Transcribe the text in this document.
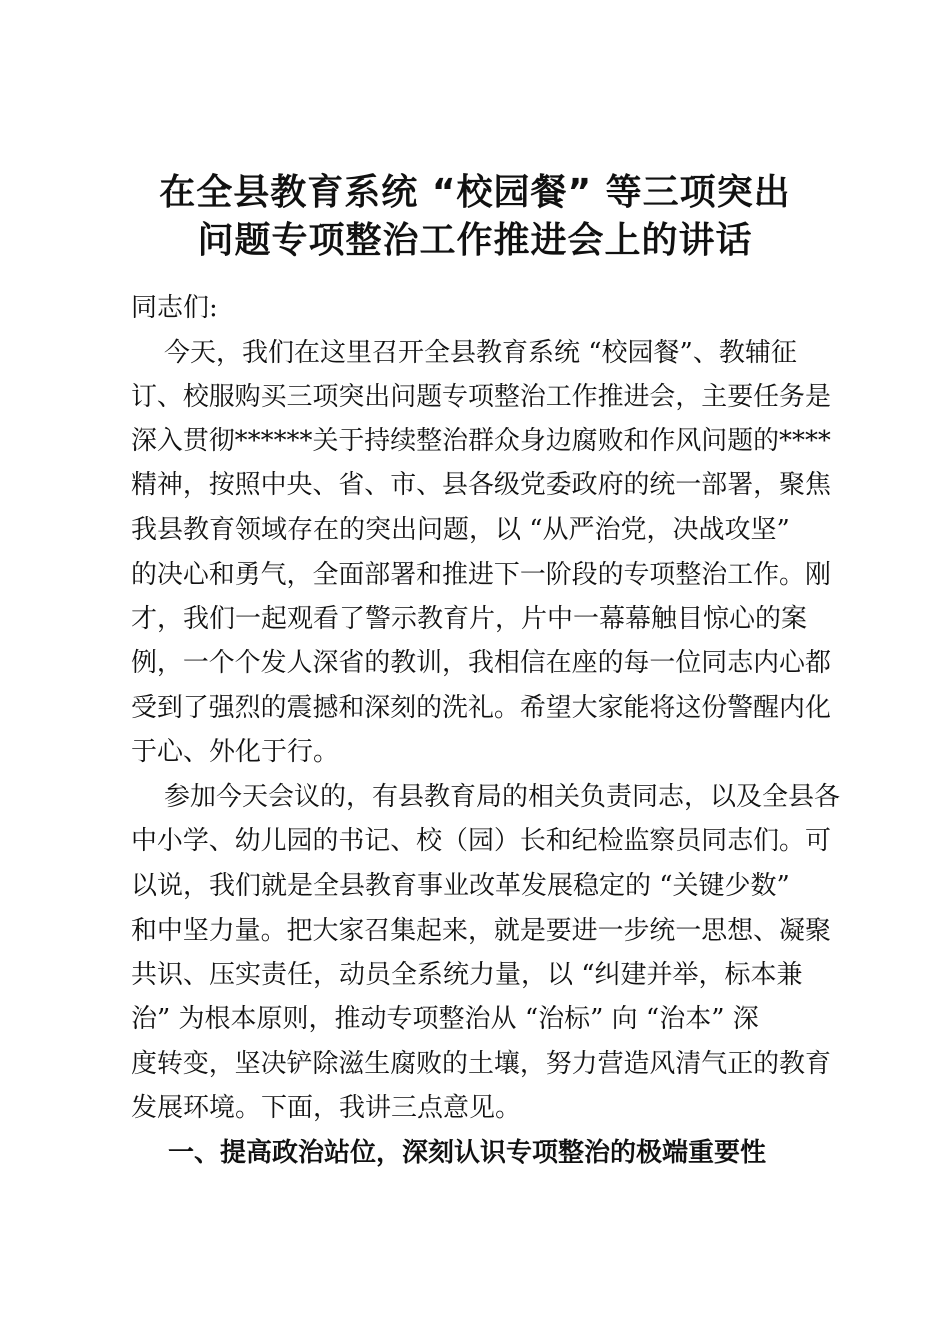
在全县教育系统 “校园餐” 等三项突出
问题专项整治工作推进会上的讲话
同志们:
今天，我们在这里召开全县教育系统 “校园餐”、教辅征
订、校服购买三项突出问题专项整治工作推进会，主要任务是
深入贯彻******关于持续整治群众身边腐败和作风问题的****
精神，按照中央、省、市、县各级党委政府的统一部署，聚焦
我县教育领域存在的突出问题，以 “从严治党，决战攻坚”
的决心和勇气，全面部署和推进下一阶段的专项整治工作。刚
才，我们一起观看了警示教育片，片中一幕幕触目惊心的案
例，一个个发人深省的教训，我相信在座的每一位同志内心都
受到了强烈的震撼和深刻的洗礼。希望大家能将这份警醒内化
于心、外化于行。
参加今天会议的，有县教育局的相关负责同志，以及全县各
中小学、幼儿园的书记、校（园）长和纪检监察员同志们。可
以说，我们就是全县教育事业改革发展稳定的 “关键少数”
和中坚力量。把大家召集起来，就是要进一步统一思想、凝聚
共识、压实责任，动员全系统力量，以 “纠建并举，标本兼
治” 为根本原则，推动专项整治从 “治标” 向 “治本” 深
度转变，坚决铲除滋生腐败的土壤，努力营造风清气正的教育
发展环境。下面，我讲三点意见。
一、提高政治站位，深刻认识专项整治的极端重要性
